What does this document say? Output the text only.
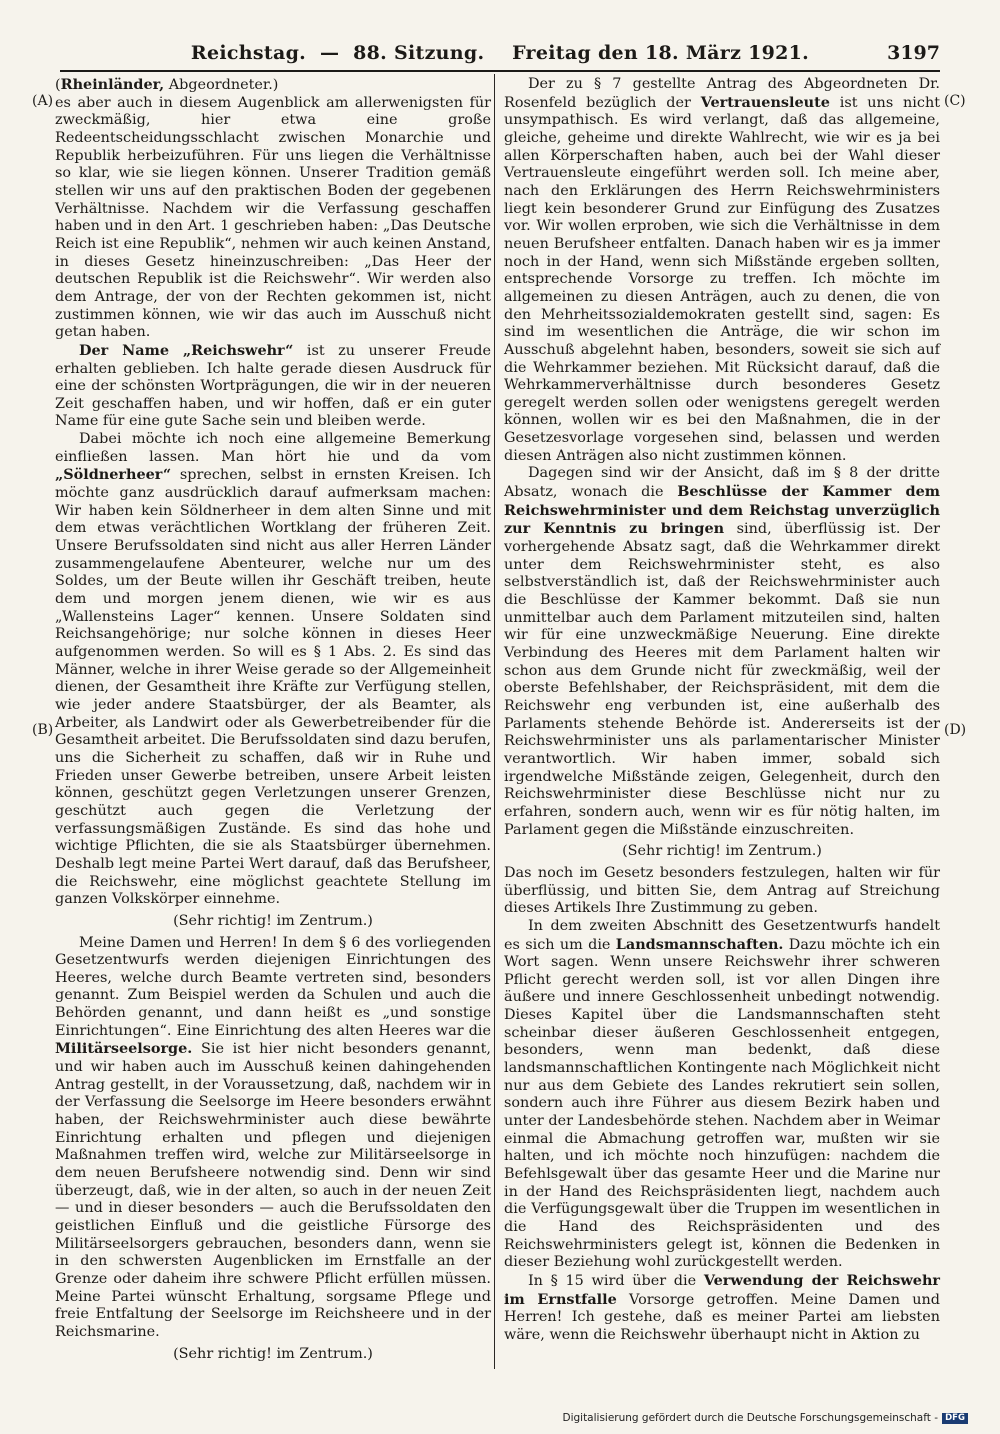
Reichstag. — 88. Sitzung. Freitag den 18. März 1921.	3197
(A)
(B)
(C)
(D)

(Rheinländer, Abgeordneter.)

es aber auch in diesem Augenblick am allerwenigsten für zweckmäßig, hier etwa eine große Redeentscheidungsschlacht zwischen Monarchie und Republik herbeizuführen. Für uns liegen die Verhältnisse so klar, wie sie liegen können. Unserer Tradition gemäß stellen wir uns auf den praktischen Boden der gegebenen Verhältnisse. Nachdem wir die Verfassung geschaffen haben und in den Art. 1 geschrieben haben: „Das Deutsche Reich ist eine Republik“, nehmen wir auch keinen Anstand, in dieses Gesetz hineinzuschreiben: „Das Heer der deutschen Republik ist die Reichswehr“. Wir werden also dem Antrage, der von der Rechten gekommen ist, nicht zustimmen können, wie wir das auch im Ausschuß nicht getan haben.

Der Name „Reichswehr“ ist zu unserer Freude erhalten geblieben. Ich halte gerade diesen Ausdruck für eine der schönsten Wortprägungen, die wir in der neueren Zeit geschaffen haben, und wir hoffen, daß er ein guter Name für eine gute Sache sein und bleiben werde.

Dabei möchte ich noch eine allgemeine Bemerkung einfließen lassen. Man hört hie und da vom „Söldnerheer“ sprechen, selbst in ernsten Kreisen. Ich möchte ganz ausdrücklich darauf aufmerksam machen: Wir haben kein Söldnerheer in dem alten Sinne und mit dem etwas verächtlichen Wortklang der früheren Zeit. Unsere Berufssoldaten sind nicht aus aller Herren Länder zusammengelaufene Abenteurer, welche nur um des Soldes, um der Beute willen ihr Geschäft treiben, heute dem und morgen jenem dienen, wie wir es aus „Wallensteins Lager“ kennen. Unsere Soldaten sind Reichsangehörige; nur solche können in dieses Heer aufgenommen werden. So will es § 1 Abs. 2. Es sind das Männer, welche in ihrer Weise gerade so der Allgemeinheit dienen, der Gesamtheit ihre Kräfte zur Verfügung stellen, wie jeder andere Staatsbürger, der als Beamter, als Arbeiter, als Landwirt oder als Gewerbetreibender für die Gesamtheit arbeitet. Die Berufssoldaten sind dazu berufen, uns die Sicherheit zu schaffen, daß wir in Ruhe und Frieden unser Gewerbe betreiben, unsere Arbeit leisten können, geschützt gegen Verletzungen unserer Grenzen, geschützt auch gegen die Verletzung der verfassungsmäßigen Zustände. Es sind das hohe und wichtige Pflichten, die sie als Staatsbürger übernehmen. Deshalb legt meine Partei Wert darauf, daß das Berufsheer, die Reichswehr, eine möglichst geachtete Stellung im ganzen Volkskörper einnehme.

(Sehr richtig! im Zentrum.)

Meine Damen und Herren! In dem § 6 des vorliegenden Gesetzentwurfs werden diejenigen Einrichtungen des Heeres, welche durch Beamte vertreten sind, besonders genannt. Zum Beispiel werden da Schulen und auch die Behörden genannt, und dann heißt es „und sonstige Einrichtungen“. Eine Einrichtung des alten Heeres war die Militärseelsorge. Sie ist hier nicht besonders genannt, und wir haben auch im Ausschuß keinen dahingehenden Antrag gestellt, in der Voraussetzung, daß, nachdem wir in der Verfassung die Seelsorge im Heere besonders erwähnt haben, der Reichswehrminister auch diese bewährte Einrichtung erhalten und pflegen und diejenigen Maßnahmen treffen wird, welche zur Militärseelsorge in dem neuen Berufsheere notwendig sind. Denn wir sind überzeugt, daß, wie in der alten, so auch in der neuen Zeit — und in dieser besonders — auch die Berufssoldaten den geistlichen Einfluß und die geistliche Fürsorge des Militärseelsorgers gebrauchen, besonders dann, wenn sie in den schwersten Augenblicken im Ernstfalle an der Grenze oder daheim ihre schwere Pflicht erfüllen müssen. Meine Partei wünscht Erhaltung, sorgsame Pflege und freie Entfaltung der Seelsorge im Reichsheere und in der Reichsmarine.

(Sehr richtig! im Zentrum.)

Der zu § 7 gestellte Antrag des Abgeordneten Dr. Rosenfeld bezüglich der Vertrauensleute ist uns nicht unsympathisch. Es wird verlangt, daß das allgemeine, gleiche, geheime und direkte Wahlrecht, wie wir es ja bei allen Körperschaften haben, auch bei der Wahl dieser Vertrauensleute eingeführt werden soll. Ich meine aber, nach den Erklärungen des Herrn Reichswehrministers liegt kein besonderer Grund zur Einfügung des Zusatzes vor. Wir wollen erproben, wie sich die Verhältnisse in dem neuen Berufsheer entfalten. Danach haben wir es ja immer noch in der Hand, wenn sich Mißstände ergeben sollten, entsprechende Vorsorge zu treffen. Ich möchte im allgemeinen zu diesen Anträgen, auch zu denen, die von den Mehrheitssozialdemokraten gestellt sind, sagen: Es sind im wesentlichen die Anträge, die wir schon im Ausschuß abgelehnt haben, besonders, soweit sie sich auf die Wehrkammer beziehen. Mit Rücksicht darauf, daß die Wehrkammerverhältnisse durch besonderes Gesetz geregelt werden sollen oder wenigstens geregelt werden können, wollen wir es bei den Maßnahmen, die in der Gesetzesvorlage vorgesehen sind, belassen und werden diesen Anträgen also nicht zustimmen können.

Dagegen sind wir der Ansicht, daß im § 8 der dritte Absatz, wonach die Beschlüsse der Kammer dem Reichswehrminister und dem Reichstag unverzüglich zur Kenntnis zu bringen sind, überflüssig ist. Der vorhergehende Absatz sagt, daß die Wehrkammer direkt unter dem Reichswehrminister steht, es also selbstverständlich ist, daß der Reichswehrminister auch die Beschlüsse der Kammer bekommt. Daß sie nun unmittelbar auch dem Parlament mitzuteilen sind, halten wir für eine unzweckmäßige Neuerung. Eine direkte Verbindung des Heeres mit dem Parlament halten wir schon aus dem Grunde nicht für zweckmäßig, weil der oberste Befehlshaber, der Reichspräsident, mit dem die Reichswehr eng verbunden ist, eine außerhalb des Parlaments stehende Behörde ist. Andererseits ist der Reichswehrminister uns als parlamentarischer Minister verantwortlich. Wir haben immer, sobald sich irgendwelche Mißstände zeigen, Gelegenheit, durch den Reichswehrminister diese Beschlüsse nicht nur zu erfahren, sondern auch, wenn wir es für nötig halten, im Parlament gegen die Mißstände einzuschreiten.

(Sehr richtig! im Zentrum.)

Das noch im Gesetz besonders festzulegen, halten wir für überflüssig, und bitten Sie, dem Antrag auf Streichung dieses Artikels Ihre Zustimmung zu geben.

In dem zweiten Abschnitt des Gesetzentwurfs handelt es sich um die Landsmannschaften. Dazu möchte ich ein Wort sagen. Wenn unsere Reichswehr ihrer schweren Pflicht gerecht werden soll, ist vor allen Dingen ihre äußere und innere Geschlossenheit unbedingt notwendig. Dieses Kapitel über die Landsmannschaften steht scheinbar dieser äußeren Geschlossenheit entgegen, besonders, wenn man bedenkt, daß diese landsmannschaftlichen Kontingente nach Möglichkeit nicht nur aus dem Gebiete des Landes rekrutiert sein sollen, sondern auch ihre Führer aus diesem Bezirk haben und unter der Landesbehörde stehen. Nachdem aber in Weimar einmal die Abmachung getroffen war, mußten wir sie halten, und ich möchte noch hinzufügen: nachdem die Befehlsgewalt über das gesamte Heer und die Marine nur in der Hand des Reichspräsidenten liegt, nachdem auch die Verfügungsgewalt über die Truppen im wesentlichen in die Hand des Reichspräsidenten und des Reichswehrministers gelegt ist, können die Bedenken in dieser Beziehung wohl zurückgestellt werden.

In § 15 wird über die Verwendung der Reichswehr im Ernstfalle Vorsorge getroffen. Meine Damen und Herren! Ich gestehe, daß es meiner Partei am liebsten wäre, wenn die Reichswehr überhaupt nicht in Aktion zu

Digitalisierung gefördert durch die Deutsche Forschungsgemeinschaft - DFG
